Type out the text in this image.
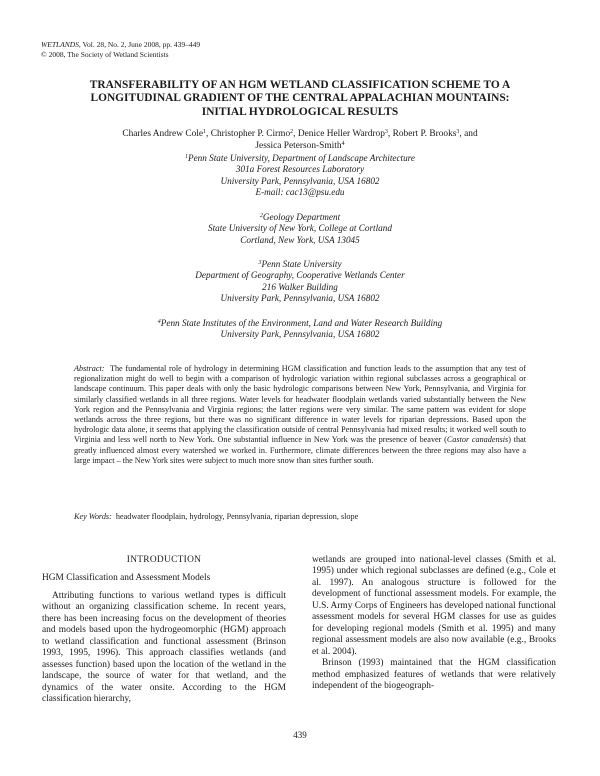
WETLANDS, Vol. 28, No. 2, June 2008, pp. 439–449
© 2008, The Society of Wetland Scientists
TRANSFERABILITY OF AN HGM WETLAND CLASSIFICATION SCHEME TO A
LONGITUDINAL GRADIENT OF THE CENTRAL APPALACHIAN MOUNTAINS:
INITIAL HYDROLOGICAL RESULTS
Charles Andrew Cole$^1$, Christopher P. Cirmo$^2$, Denice Heller Wardrop$^3$, Robert P. Brooks$^3$, and
Jessica Peterson-Smith$^4$
$^1$Penn State University, Department of Landscape Architecture
301a Forest Resources Laboratory
University Park, Pennsylvania, USA 16802
E-mail: cac13@psu.edu
$^2$Geology Department
State University of New York, College at Cortland
Cortland, New York, USA 13045
$^3$Penn State University
Department of Geography, Cooperative Wetlands Center
216 Walker Building
University Park, Pennsylvania, USA 16802
$^4$Penn State Institutes of the Environment, Land and Water Research Building
University Park, Pennsylvania, USA 16802
Abstract: The fundamental role of hydrology in determining HGM classification and function leads to the assumption that any test of regionalization might do well to begin with a comparison of hydrologic variation within regional subclasses across a geographical or landscape continuum. This paper deals with only the basic hydrologic comparisons between New York, Pennsylvania, and Virginia for similarly classified wetlands in all three regions. Water levels for headwater floodplain wetlands varied substantially between the New York region and the Pennsylvania and Virginia regions; the latter regions were very similar. The same pattern was evident for slope wetlands across the three regions, but there was no significant difference in water levels for riparian depressions. Based upon the hydrologic data alone, it seems that applying the classification outside of central Pennsylvania had mixed results; it worked well south to Virginia and less well north to New York. One substantial influence in New York was the presence of beaver (Castor canadensis) that greatly influenced almost every watershed we worked in. Furthermore, climate differences between the three regions may also have a large impact – the New York sites were subject to much more snow than sites further south.
Key Words: headwater floodplain, hydrology, Pennsylvania, riparian depression, slope
INTRODUCTION
HGM Classification and Assessment Models

Attributing functions to various wetland types is difficult without an organizing classification scheme. In recent years, there has been increasing focus on the development of theories and models based upon the hydrogeomorphic (HGM) approach to wetland classification and functional assessment (Brinson 1993, 1995, 1996). This approach classifies wetlands (and assesses function) based upon the location of the wetland in the landscape, the source of water for that wetland, and the dynamics of the water onsite. According to the HGM classification hierarchy,

wetlands are grouped into national-level classes (Smith et al. 1995) under which regional subclasses are defined (e.g., Cole et al. 1997). An analogous structure is followed for the development of functional assessment models. For example, the U.S. Army Corps of Engineers has developed national functional assessment models for several HGM classes for use as guides for developing regional models (Smith et al. 1995) and many regional assessment models are also now available (e.g., Brooks et al. 2004).

Brinson (1993) maintained that the HGM classification method emphasized features of wetlands that were relatively independent of the biogeograph-

439
